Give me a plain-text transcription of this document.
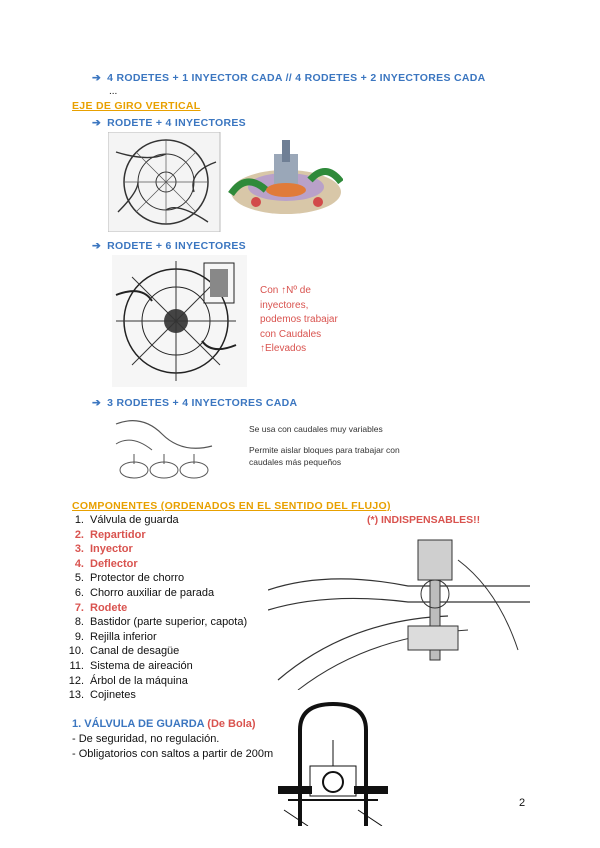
➔ 4 RODETES + 1 INYECTOR CADA // 4 RODETES + 2 INYECTORES CADA
...
EJE DE GIRO VERTICAL
➔ RODETE + 4 INYECTORES
➔ RODETE + 6 INYECTORES
Con ↑Nº de
inyectores,
podemos trabajar
con Caudales
↑Elevados
➔ 3 RODETES + 4 INYECTORES CADA
Se usa con caudales muy variables
Permite aislar bloques para trabajar con
caudales más pequeños
COMPONENTES (ORDENADOS EN EL SENTIDO DEL FLUJO)
(*) INDISPENSABLES!!
1. Válvula de guarda
2. Repartidor
3. Inyector
4. Deflector
5. Protector de chorro
6. Chorro auxiliar de parada
7. Rodete
8. Bastidor (parte superior, capota)
9. Rejilla inferior
10. Canal de desagüe
11. Sistema de aireación
12. Árbol de la máquina
13. Cojinetes
1. VÁLVULA DE GUARDA (De Bola)
- De seguridad, no regulación.
- Obligatorios con saltos a partir de 200m
2
